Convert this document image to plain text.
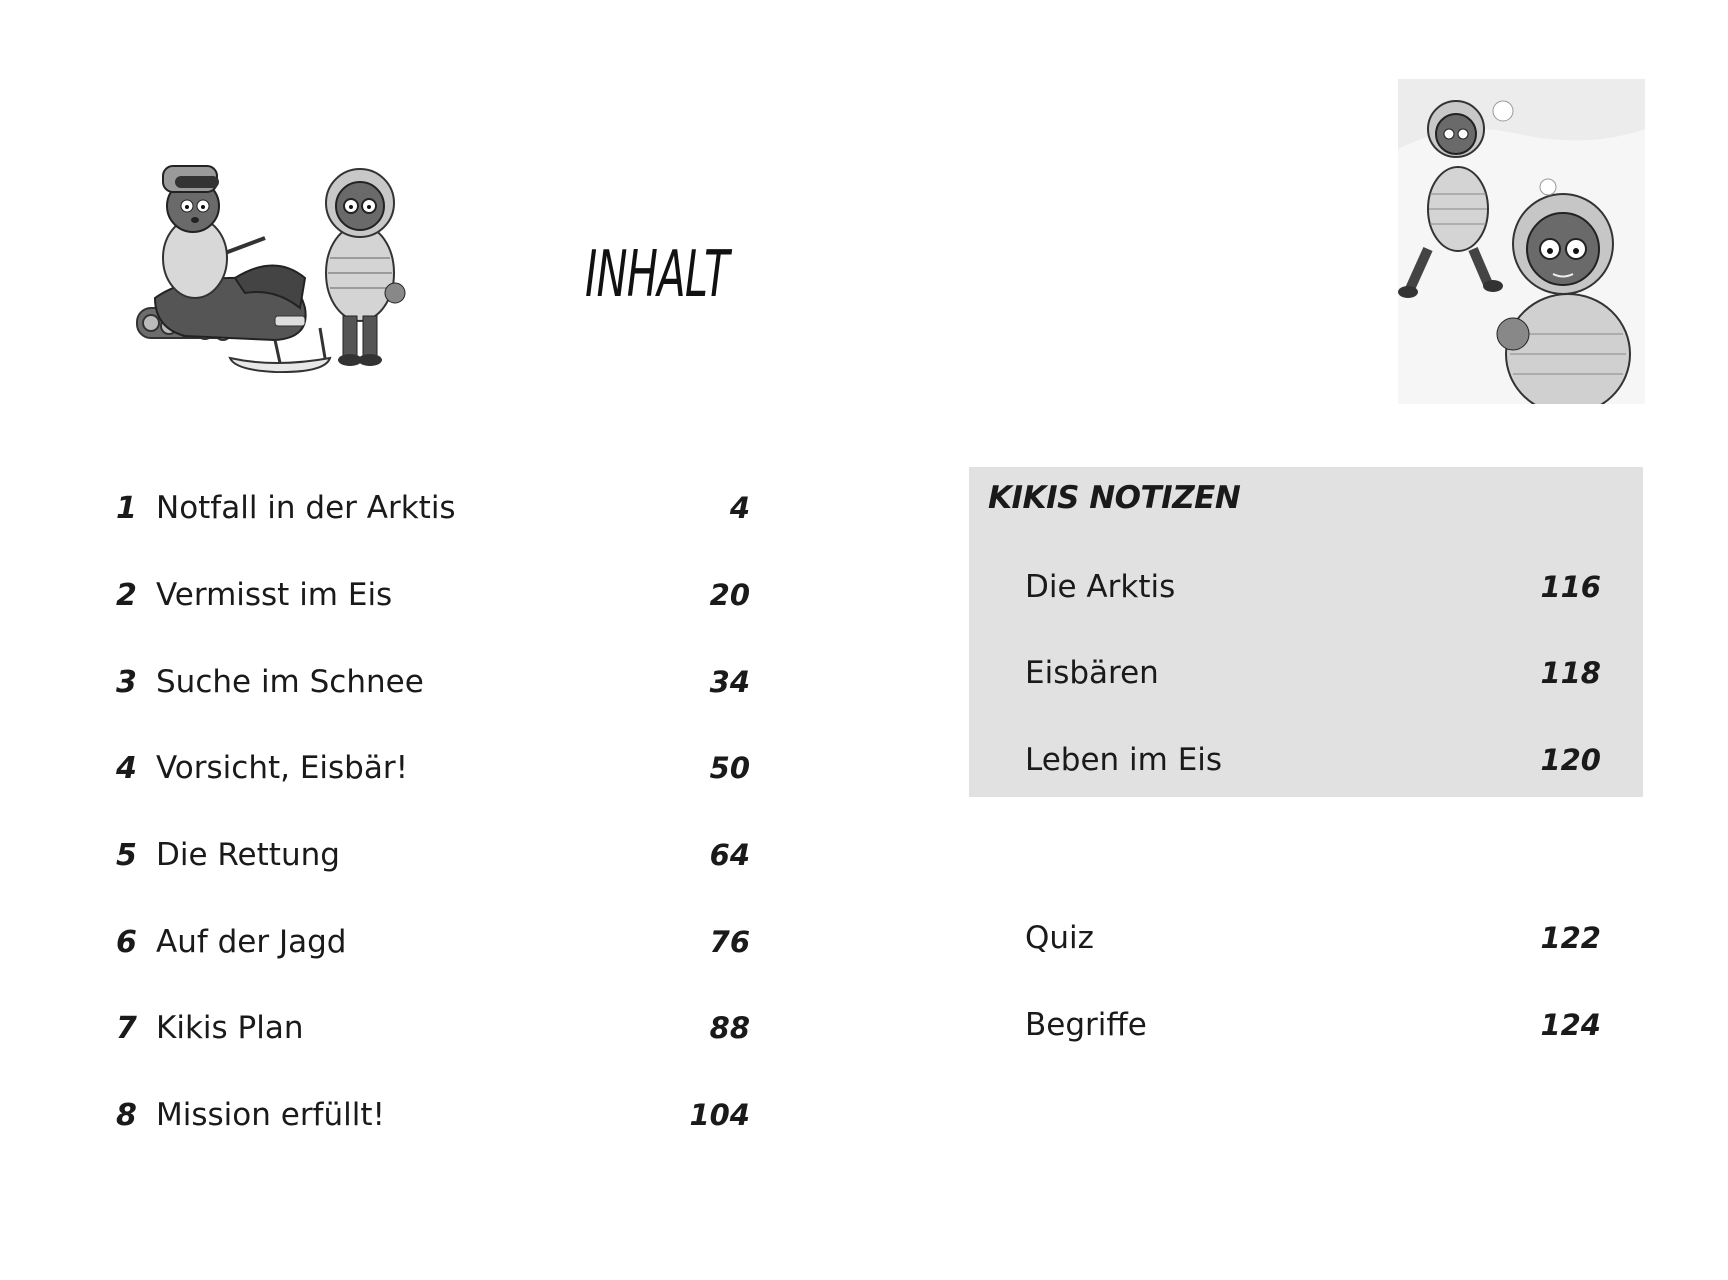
INHALT
1 Notfall in der Arktis	4
2 Vermisst im Eis	20
3 Suche im Schnee	34
4 Vorsicht, Eisbär!	50
5 Die Rettung	64
6 Auf der Jagd	76
7 Kikis Plan	88
8 Mission erfüllt!	104
KIKIS NOTIZEN
Die Arktis	116
Eisbären	118
Leben im Eis	120
Quiz	122
Begriffe	124
